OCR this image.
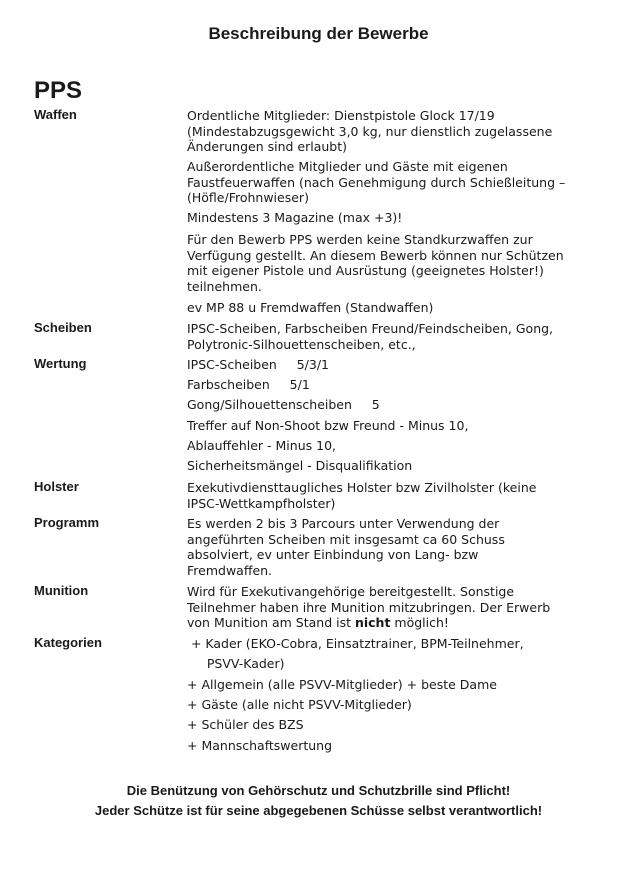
Beschreibung der Bewerbe
PPS
Waffen	Ordentliche Mitglieder: Dienstpistole Glock 17/19
(Mindestabzugsgewicht 3,0 kg, nur dienstlich zugelassene
Änderungen sind erlaubt)
Außerordentliche Mitglieder und Gäste mit eigenen
Faustfeuerwaffen (nach Genehmigung durch Schießleitung –
(Höfle/Frohnwieser)
Mindestens 3 Magazine (max +3)!
Für den Bewerb PPS werden keine Standkurzwaffen zur
Verfügung gestellt. An diesem Bewerb können nur Schützen
mit eigener Pistole und Ausrüstung (geeignetes Holster!)
teilnehmen.
ev MP 88 u Fremdwaffen (Standwaffen)
Scheiben	IPSC-Scheiben, Farbscheiben Freund/Feindscheiben, Gong,
Polytronic-Silhouettenscheiben, etc.,
Wertung	IPSC-Scheiben     5/3/1
Farbscheiben     5/1
Gong/Silhouettenscheiben     5
Treffer auf Non-Shoot bzw Freund - Minus 10,
Ablauffehler - Minus 10,
Sicherheitsmängel - Disqualifikation
Holster	Exekutivdiensttaugliches Holster bzw Zivilholster (keine
IPSC-Wettkampfholster)
Programm	Es werden 2 bis 3 Parcours unter Verwendung der
angeführten Scheiben mit insgesamt ca 60 Schuss
absolviert, ev unter Einbindung von Lang- bzw
Fremdwaffen.
Munition	Wird für Exekutivangehörige bereitgestellt. Sonstige
Teilnehmer haben ihre Munition mitzubringen. Der Erwerb
von Munition am Stand ist nicht möglich!
Kategorien	+ Kader (EKO-Cobra, Einsatztrainer, BPM-Teilnehmer,
PSVV-Kader)
+ Allgemein (alle PSVV-Mitglieder) + beste Dame
+ Gäste (alle nicht PSVV-Mitglieder)
+ Schüler des BZS
+ Mannschaftswertung
Die Benützung von Gehörschutz und Schutzbrille sind Pflicht!
Jeder Schütze ist für seine abgegebenen Schüsse selbst verantwortlich!
